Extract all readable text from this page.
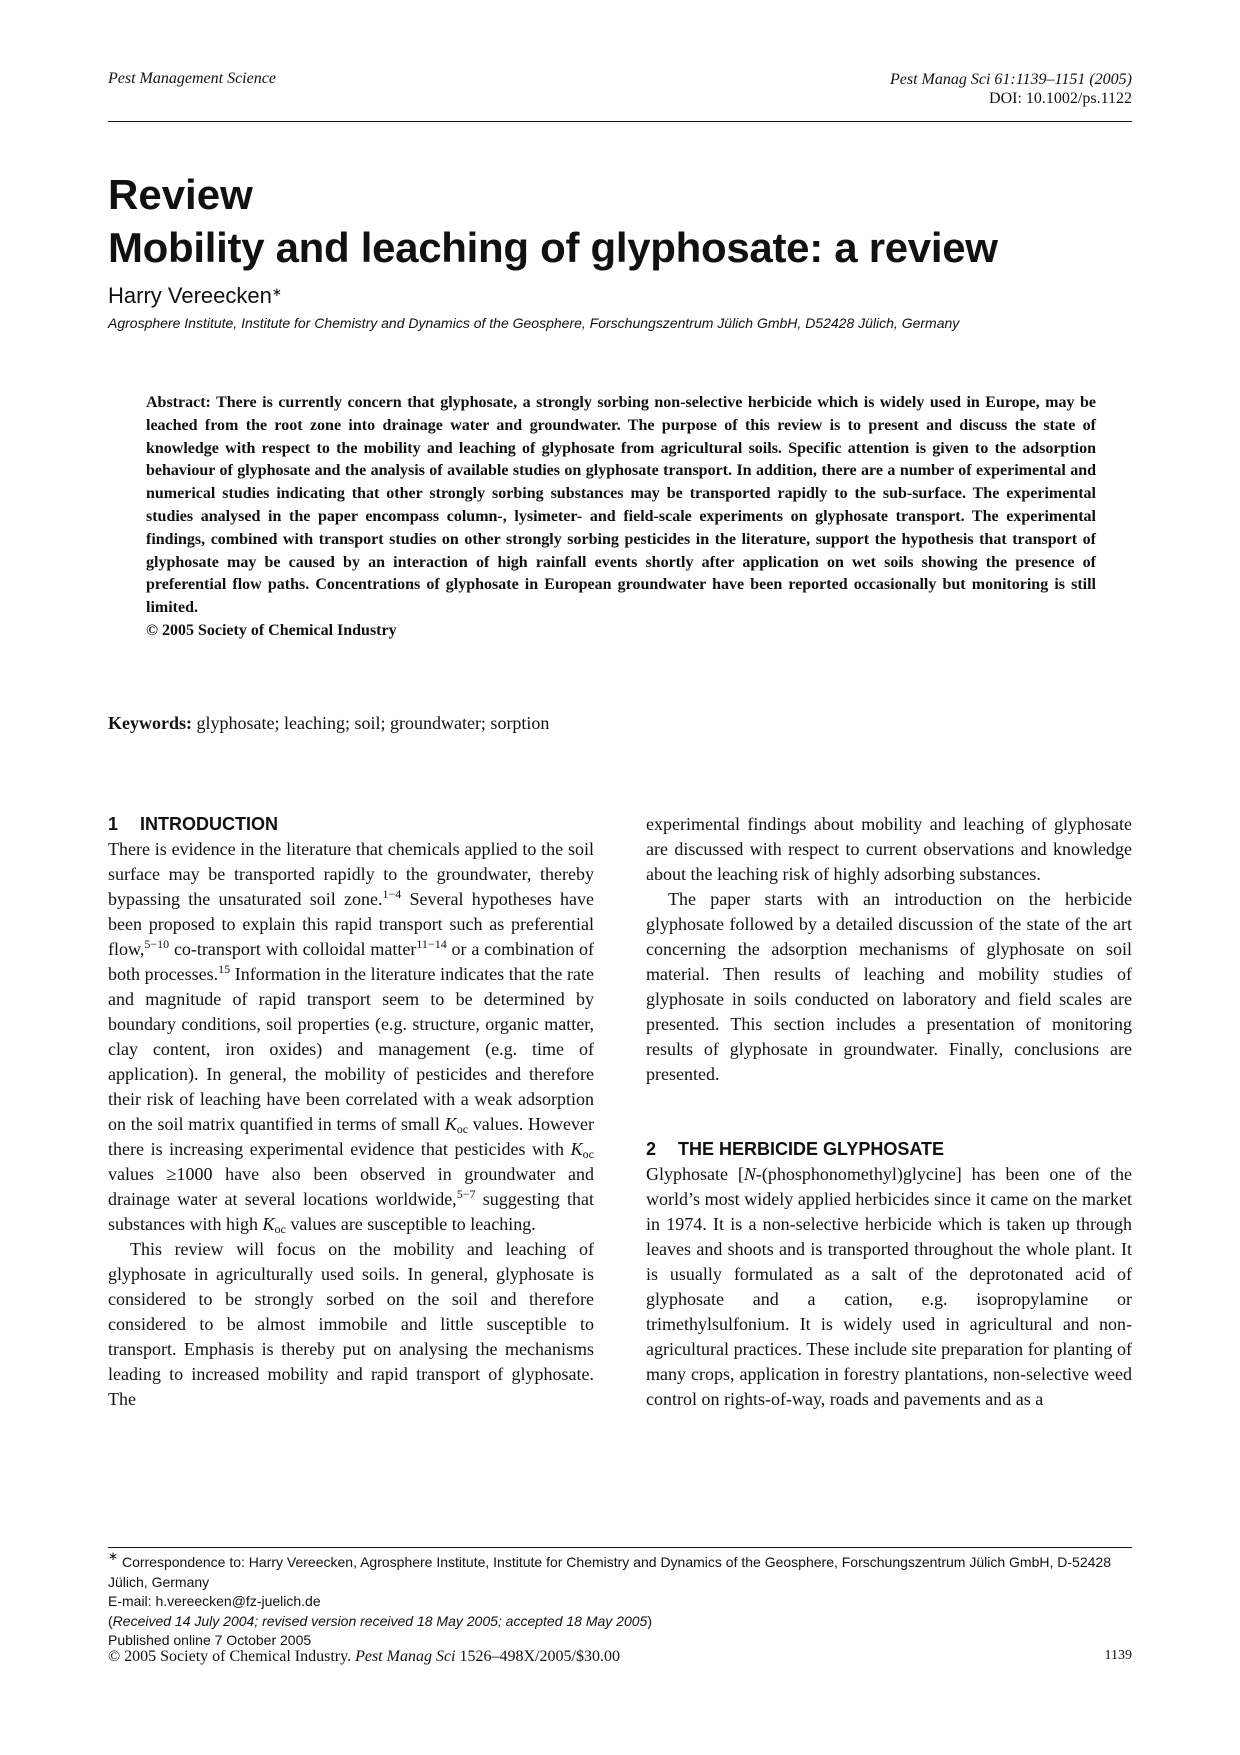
Pest Management Science	Pest Manag Sci 61:1139–1151 (2005)
DOI: 10.1002/ps.1122
Review
Mobility and leaching of glyphosate: a review
Harry Vereecken∗
Agrosphere Institute, Institute for Chemistry and Dynamics of the Geosphere, Forschungszentrum Jülich GmbH, D52428 Jülich, Germany
Abstract: There is currently concern that glyphosate, a strongly sorbing non-selective herbicide which is widely used in Europe, may be leached from the root zone into drainage water and groundwater. The purpose of this review is to present and discuss the state of knowledge with respect to the mobility and leaching of glyphosate from agricultural soils. Specific attention is given to the adsorption behaviour of glyphosate and the analysis of available studies on glyphosate transport. In addition, there are a number of experimental and numerical studies indicating that other strongly sorbing substances may be transported rapidly to the sub-surface. The experimental studies analysed in the paper encompass column-, lysimeter- and field-scale experiments on glyphosate transport. The experimental findings, combined with transport studies on other strongly sorbing pesticides in the literature, support the hypothesis that transport of glyphosate may be caused by an interaction of high rainfall events shortly after application on wet soils showing the presence of preferential flow paths. Concentrations of glyphosate in European groundwater have been reported occasionally but monitoring is still limited.
© 2005 Society of Chemical Industry
Keywords: glyphosate; leaching; soil; groundwater; sorption
1 INTRODUCTION

There is evidence in the literature that chemicals applied to the soil surface may be transported rapidly to the groundwater, thereby bypassing the unsaturated soil zone.$^{1-4}$ Several hypotheses have been proposed to explain this rapid transport such as preferential flow,$^{5-10}$ co-transport with colloidal matter$^{11-14}$ or a combination of both processes.$^{15}$ Information in the literature indicates that the rate and magnitude of rapid transport seem to be determined by boundary conditions, soil properties (e.g. structure, organic matter, clay content, iron oxides) and management (e.g. time of application). In general, the mobility of pesticides and therefore their risk of leaching have been correlated with a weak adsorption on the soil matrix quantified in terms of small $K_{oc}$ values. However there is increasing experimental evidence that pesticides with $K_{oc}$ values ≥1000 have also been observed in groundwater and drainage water at several locations worldwide,$^{5-7}$ suggesting that substances with high $K_{oc}$ values are susceptible to leaching.

This review will focus on the mobility and leaching of glyphosate in agriculturally used soils. In general, glyphosate is considered to be strongly sorbed on the soil and therefore considered to be almost immobile and little susceptible to transport. Emphasis is thereby put on analysing the mechanisms leading to increased mobility and rapid transport of glyphosate. The

experimental findings about mobility and leaching of glyphosate are discussed with respect to current observations and knowledge about the leaching risk of highly adsorbing substances.

The paper starts with an introduction on the herbicide glyphosate followed by a detailed discussion of the state of the art concerning the adsorption mechanisms of glyphosate on soil material. Then results of leaching and mobility studies of glyphosate in soils conducted on laboratory and field scales are presented. This section includes a presentation of monitoring results of glyphosate in groundwater. Finally, conclusions are presented.

2 THE HERBICIDE GLYPHOSATE

Glyphosate [N-(phosphonomethyl)glycine] has been one of the world’s most widely applied herbicides since it came on the market in 1974. It is a non-selective herbicide which is taken up through leaves and shoots and is transported throughout the whole plant. It is usually formulated as a salt of the deprotonated acid of glyphosate and a cation, e.g. isopropylamine or trimethylsulfonium. It is widely used in agricultural and non-agricultural practices. These include site preparation for planting of many crops, application in forestry plantations, non-selective weed control on rights-of-way, roads and pavements and as a

∗ Correspondence to: Harry Vereecken, Agrosphere Institute, Institute for Chemistry and Dynamics of the Geosphere, Forschungszentrum Jülich GmbH, D-52428 Jülich, Germany
E-mail: h.vereecken@fz-juelich.de
(Received 14 July 2004; revised version received 18 May 2005; accepted 18 May 2005)
Published online 7 October 2005
© 2005 Society of Chemical Industry. Pest Manag Sci 1526–498X/2005/$30.00	1139
